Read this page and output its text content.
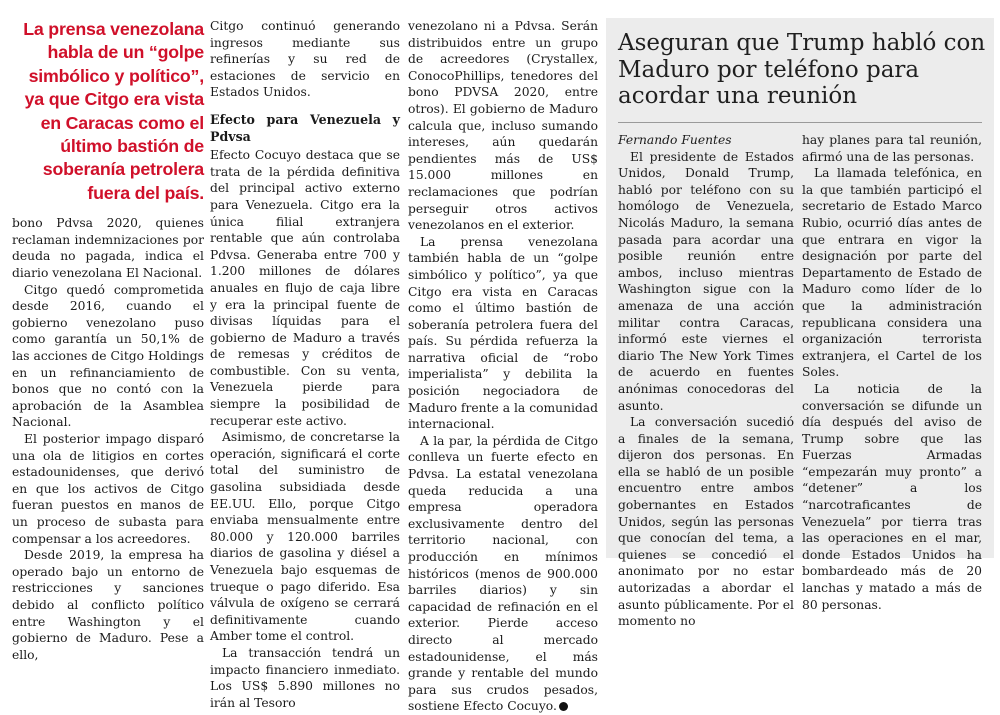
La prensa venezolana habla de un “golpe simbólico y político”, ya que Citgo era vista en Caracas como el último bastión de soberanía petrolera fuera del país.

bono Pdvsa 2020, quienes reclaman indemnizaciones por deuda no pagada, indica el diario venezolana El Nacional.

Citgo quedó comprometida desde 2016, cuando el gobierno venezolano puso como garantía un 50,1% de las acciones de Citgo Holdings en un refinanciamiento de bonos que no contó con la aprobación de la Asamblea Nacional.

El posterior impago disparó una ola de litigios en cortes estadounidenses, que derivó en que los activos de Citgo fueran puestos en manos de un proceso de subasta para compensar a los acreedores.

Desde 2019, la empresa ha operado bajo un entorno de restricciones y sanciones debido al conflicto político entre Washington y el gobierno de Maduro. Pese a ello,

Citgo continuó generando ingresos mediante sus refinerías y su red de estaciones de servicio en Estados Unidos.

Efecto para Venezuela y Pdvsa

Efecto Cocuyo destaca que se trata de la pérdida definitiva del principal activo externo para Venezuela. Citgo era la única filial extranjera rentable que aún controlaba Pdvsa. Generaba entre 700 y 1.200 millones de dólares anuales en flujo de caja libre y era la principal fuente de divisas líquidas para el gobierno de Maduro a través de remesas y créditos de combustible. Con su venta, Venezuela pierde para siempre la posibilidad de recuperar este activo.

Asimismo, de concretarse la operación, significará el corte total del suministro de gasolina subsidiada desde EE.UU. Ello, porque Citgo enviaba mensualmente entre 80.000 y 120.000 barriles diarios de gasolina y diésel a Venezuela bajo esquemas de trueque o pago diferido. Esa válvula de oxígeno se cerrará definitivamente cuando Amber tome el control.

La transacción tendrá un impacto financiero inmediato. Los US$ 5.890 millones no irán al Tesoro

venezolano ni a Pdvsa. Serán distribuidos entre un grupo de acreedores (Crystallex, ConocoPhillips, tenedores del bono PDVSA 2020, entre otros). El gobierno de Maduro calcula que, incluso sumando intereses, aún quedarán pendientes más de US$ 15.000 millones en reclamaciones que podrían perseguir otros activos venezolanos en el exterior.

La prensa venezolana también habla de un “golpe simbólico y político”, ya que Citgo era vista en Caracas como el último bastión de soberanía petrolera fuera del país. Su pérdida refuerza la narrativa oficial de “robo imperialista” y debilita la posición negociadora de Maduro frente a la comunidad internacional.

A la par, la pérdida de Citgo conlleva un fuerte efecto en Pdvsa. La estatal venezolana queda reducida a una empresa operadora exclusivamente dentro del territorio nacional, con producción en mínimos históricos (menos de 900.000 barriles diarios) y sin capacidad de refinación en el exterior. Pierde acceso directo al mercado estadounidense, el más grande y rentable del mundo para sus crudos pesados, sostiene Efecto Cocuyo.

Aseguran que Trump habló con Maduro por teléfono para acordar una reunión

Fernando Fuentes

El presidente de Estados Unidos, Donald Trump, habló por teléfono con su homólogo de Venezuela, Nicolás Maduro, la semana pasada para acordar una posible reunión entre ambos, incluso mientras Washington sigue con la amenaza de una acción militar contra Caracas, informó este viernes el diario The New York Times de acuerdo en fuentes anónimas conocedoras del asunto.

La conversación sucedió a finales de la semana, dijeron dos personas. En ella se habló de un posible encuentro entre ambos gobernantes en Estados Unidos, según las personas que conocían del tema, a quienes se concedió el anonimato por no estar autorizadas a abordar el asunto públicamente. Por el momento no

hay planes para tal reunión, afirmó una de las personas.

La llamada telefónica, en la que también participó el secretario de Estado Marco Rubio, ocurrió días antes de que entrara en vigor la designación por parte del Departamento de Estado de Maduro como líder de lo que la administración republicana considera una organización terrorista extranjera, el Cartel de los Soles.

La noticia de la conversación se difunde un día después del aviso de Trump sobre que las Fuerzas Armadas “empezarán muy pronto” a “detener” a los “narcotraficantes de Venezuela” por tierra tras las operaciones en el mar, donde Estados Unidos ha bombardeado más de 20 lanchas y matado a más de 80 personas.
